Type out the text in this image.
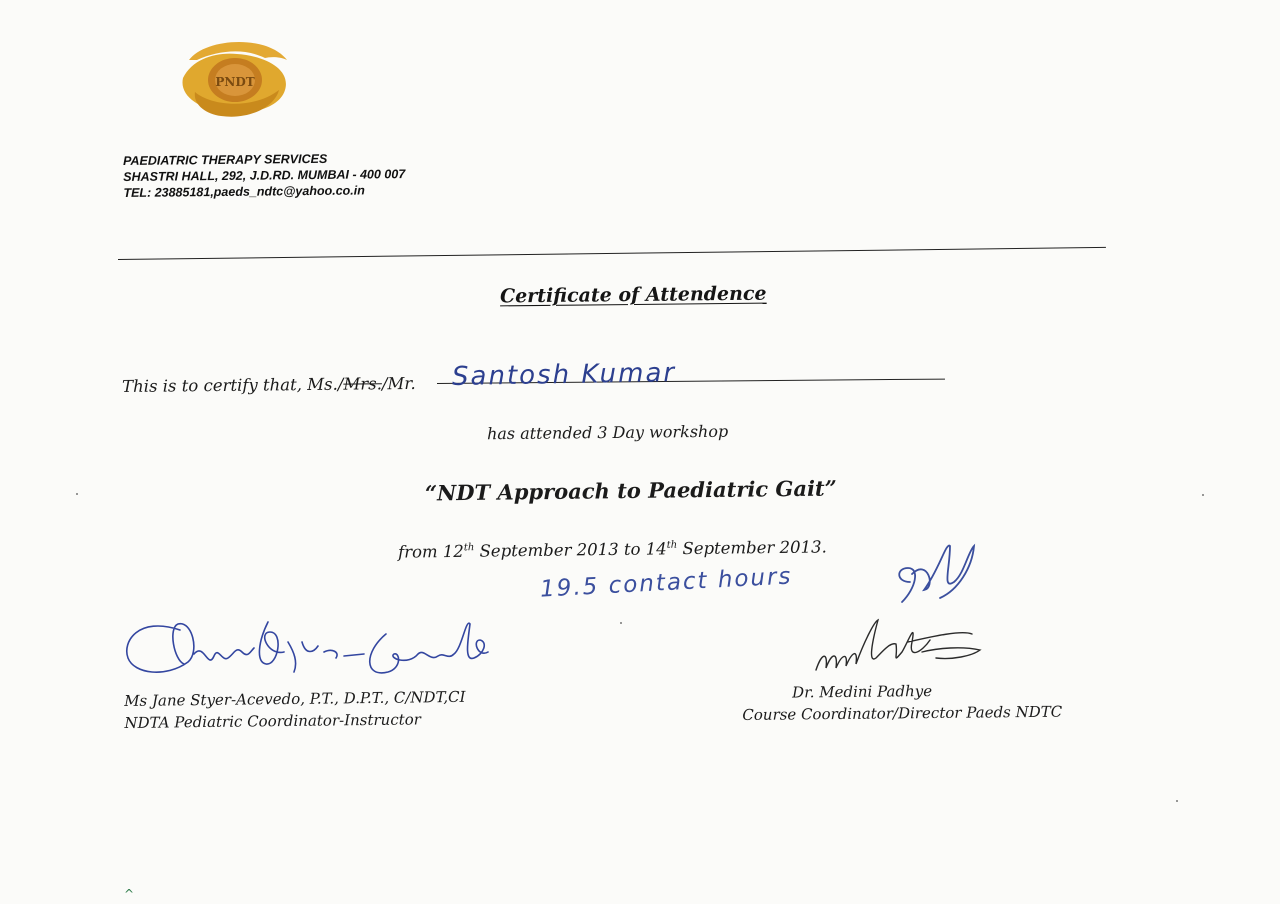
PNDT
PAEDIATRIC THERAPY SERVICES
SHASTRI HALL, 292, J.D.RD. MUMBAI - 400 007
TEL: 23885181,paeds_ndtc@yahoo.co.in
Certificate of Attendence
This is to certify that, Ms./Mrs./Mr. Santosh Kumar
has attended 3 Day workshop
“NDT Approach to Paediatric Gait”
from 12th September 2013 to 14th September 2013.
19.5 contact hours
Ms Jane Styer-Acevedo, P.T., D.P.T., C/NDT,CI
NDTA Pediatric Coordinator-Instructor
Dr. Medini Padhye
Course Coordinator/Director Paeds NDTC
^
